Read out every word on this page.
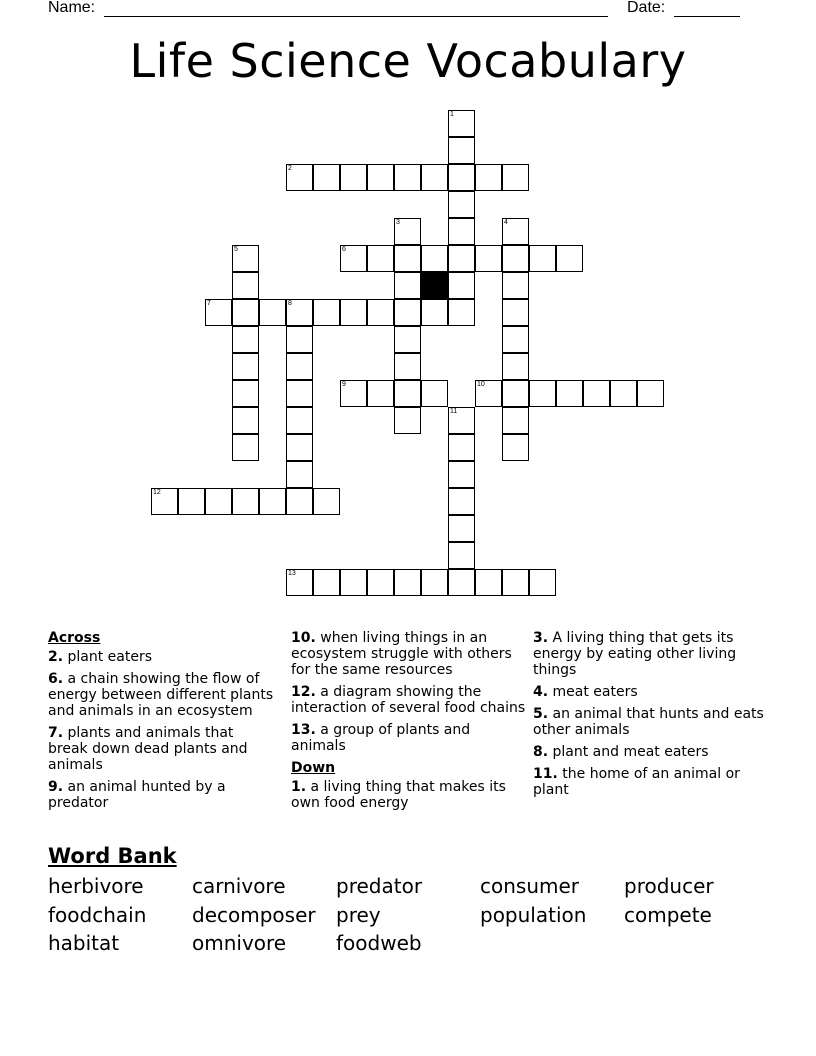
Name:	Date:
Life Science Vocabulary
1
2
3	4
5	6
7	8
9	10
11
12
13
Across
2. plant eaters
6. a chain showing the flow of energy between different plants and animals in an ecosystem
7. plants and animals that break down dead plants and animals
9. an animal hunted by a predator
10. when living things in an ecosystem struggle with others for the same resources
12. a diagram showing the interaction of several food chains
13. a group of plants and animals
Down
1. a living thing that makes its own food energy
3. A living thing that gets its energy by eating other living things
4. meat eaters
5. an animal that hunts and eats other animals
8. plant and meat eaters
11. the home of an animal or plant
Word Bank
herbivore	carnivore	predator	consumer	producer
foodchain	decomposer	prey	population	compete
habitat	omnivore	foodweb
